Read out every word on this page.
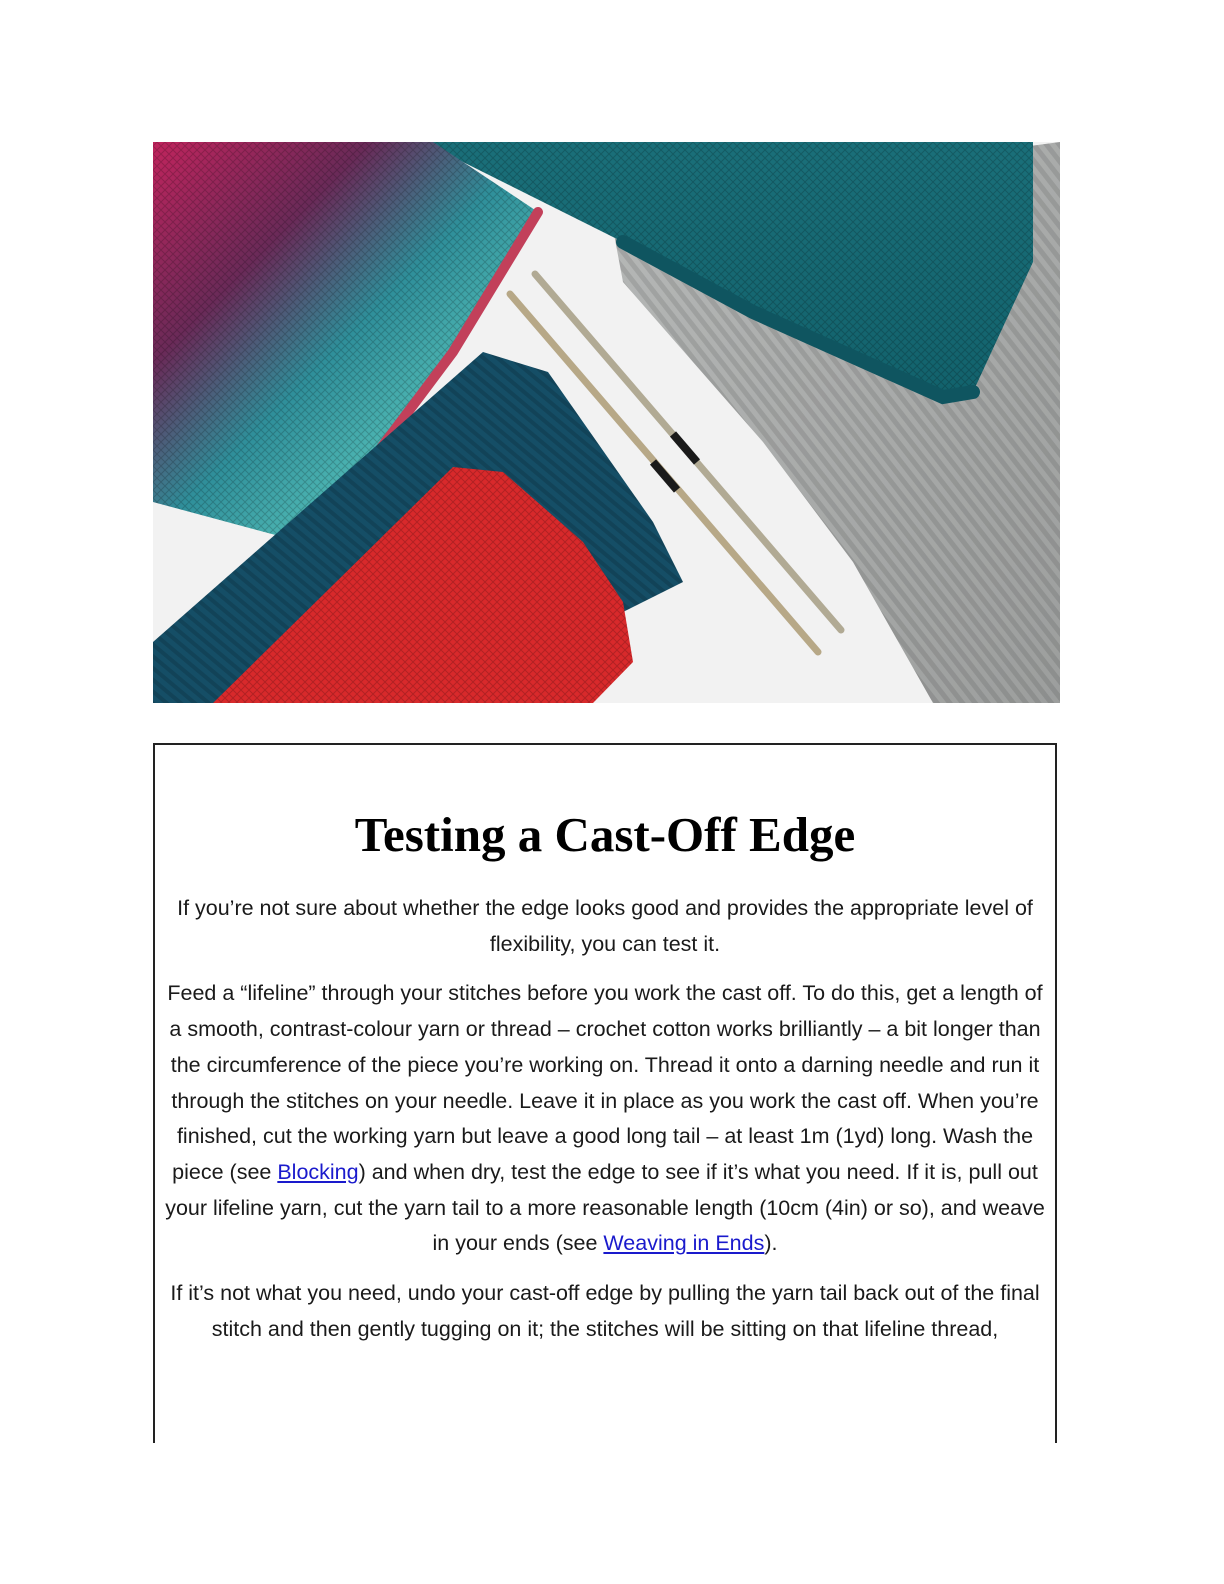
Testing a Cast-Off Edge

If you’re not sure about whether the edge looks good and provides the appropriate level of flexibility, you can test it.

Feed a “lifeline” through your stitches before you work the cast off. To do this, get a length of a smooth, contrast-colour yarn or thread – crochet cotton works brilliantly – a bit longer than the circumference of the piece you’re working on. Thread it onto a darning needle and run it through the stitches on your needle. Leave it in place as you work the cast off. When you’re finished, cut the working yarn but leave a good long tail – at least 1m (1yd) long. Wash the piece (see Blocking) and when dry, test the edge to see if it’s what you need. If it is, pull out your lifeline yarn, cut the yarn tail to a more reasonable length (10cm (4in) or so), and weave in your ends (see Weaving in Ends).

If it’s not what you need, undo your cast-off edge by pulling the yarn tail back out of the final stitch and then gently tugging on it; the stitches will be sitting on that lifeline thread,
